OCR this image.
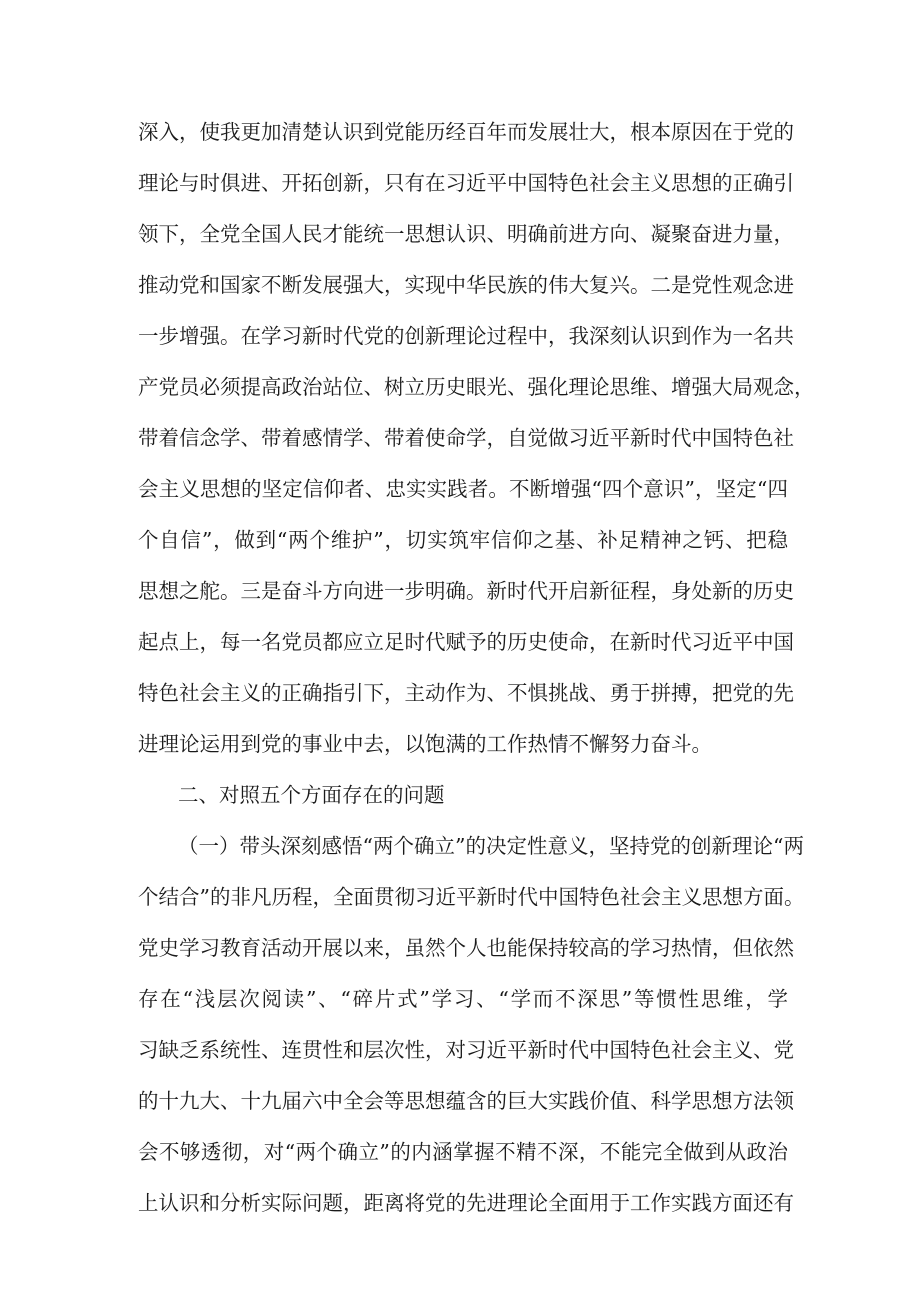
深入，使我更加清楚认识到党能历经百年而发展壮大，根本原因在于党的
理论与时俱进、开拓创新，只有在习近平中国特色社会主义思想的正确引
领下，全党全国人民才能统一思想认识、明确前进方向、凝聚奋进力量，
推动党和国家不断发展强大，实现中华民族的伟大复兴。二是党性观念进
一步增强。在学习新时代党的创新理论过程中，我深刻认识到作为一名共
产党员必须提高政治站位、树立历史眼光、强化理论思维、增强大局观念，
带着信念学、带着感情学、带着使命学，自觉做习近平新时代中国特色社
会主义思想的坚定信仰者、忠实实践者。不断增强“四个意识”，坚定“四
个自信”，做到“两个维护”，切实筑牢信仰之基、补足精神之钙、把稳
思想之舵。三是奋斗方向进一步明确。新时代开启新征程，身处新的历史
起点上，每一名党员都应立足时代赋予的历史使命，在新时代习近平中国
特色社会主义的正确指引下，主动作为、不惧挑战、勇于拼搏，把党的先
进理论运用到党的事业中去，以饱满的工作热情不懈努力奋斗。
二、对照五个方面存在的问题
（一）带头深刻感悟“两个确立”的决定性意义，坚持党的创新理论“两
个结合”的非凡历程，全面贯彻习近平新时代中国特色社会主义思想方面。
党史学习教育活动开展以来，虽然个人也能保持较高的学习热情，但依然
存在“浅层次阅读”、“碎片式”学习、“学而不深思”等惯性思维，学
习缺乏系统性、连贯性和层次性，对习近平新时代中国特色社会主义、党
的十九大、十九届六中全会等思想蕴含的巨大实践价值、科学思想方法领
会不够透彻，对“两个确立”的内涵掌握不精不深，不能完全做到从政治
上认识和分析实际问题，距离将党的先进理论全面用于工作实践方面还有
